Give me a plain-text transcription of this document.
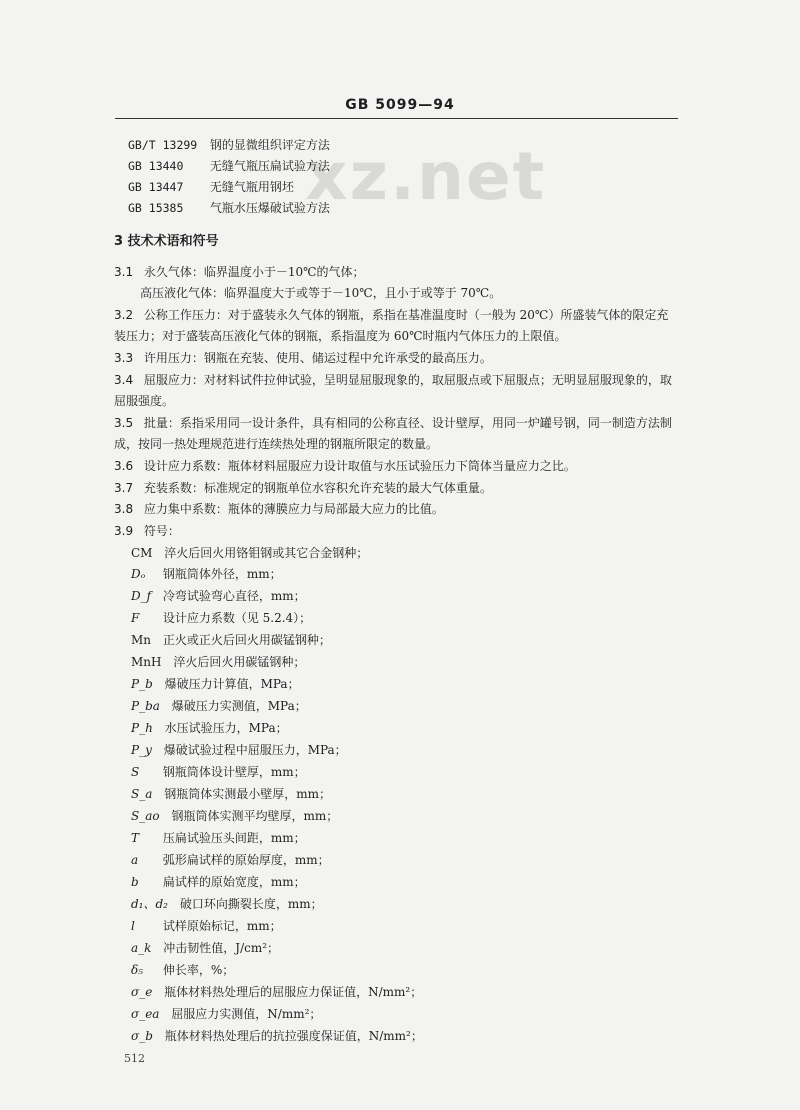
GB 5099—94
xz.net
GB/T 13299 钢的显微组织评定方法
GB 13440 无缝气瓶压扁试验方法
GB 13447 无缝气瓶用钢坯
GB 15385 气瓶水压爆破试验方法
3 技术术语和符号
3.1 永久气体：临界温度小于－10℃的气体；
高压液化气体：临界温度大于或等于－10℃，且小于或等于 70℃。
3.2 公称工作压力：对于盛装永久气体的钢瓶，系指在基准温度时（一般为 20℃）所盛装气体的限定充
装压力；对于盛装高压液化气体的钢瓶，系指温度为 60℃时瓶内气体压力的上限值。
3.3 许用压力：钢瓶在充装、使用、储运过程中允许承受的最高压力。
3.4 屈服应力：对材料试件拉伸试验，呈明显屈服现象的，取屈服点或下屈服点；无明显屈服现象的，取
屈服强度。
3.5 批量：系指采用同一设计条件，具有相同的公称直径、设计壁厚，用同一炉罐号钢，同一制造方法制
成，按同一热处理规范进行连续热处理的钢瓶所限定的数量。
3.6 设计应力系数：瓶体材料屈服应力设计取值与水压试验压力下筒体当量应力之比。
3.7 充装系数：标准规定的钢瓶单位水容积允许充装的最大气体重量。
3.8 应力集中系数：瓶体的薄膜应力与局部最大应力的比值。
3.9 符号：
CM 淬火后回火用铬钼钢或其它合金钢种；
Dₒ 钢瓶筒体外径，mm；
D_f 冷弯试验弯心直径，mm；
F 设计应力系数（见 5.2.4）；
Mn 正火或正火后回火用碳锰钢种；
MnH 淬火后回火用碳锰钢种；
P_b 爆破压力计算值，MPa；
P_ba 爆破压力实测值，MPa；
P_h 水压试验压力，MPa；
P_y 爆破试验过程中屈服压力，MPa；
S 钢瓶筒体设计壁厚，mm；
S_a 钢瓶筒体实测最小壁厚，mm；
S_ao 钢瓶筒体实测平均壁厚，mm；
T 压扁试验压头间距，mm；
a 弧形扁试样的原始厚度，mm；
b 扁试样的原始宽度，mm；
d₁、d₂ 破口环向撕裂长度，mm；
l 试样原始标记，mm；
a_k 冲击韧性值，J/cm²；
δ₅ 伸长率，%；
σ_e 瓶体材料热处理后的屈服应力保证值，N/mm²；
σ_ea 屈服应力实测值，N/mm²；
σ_b 瓶体材料热处理后的抗拉强度保证值，N/mm²；
512
